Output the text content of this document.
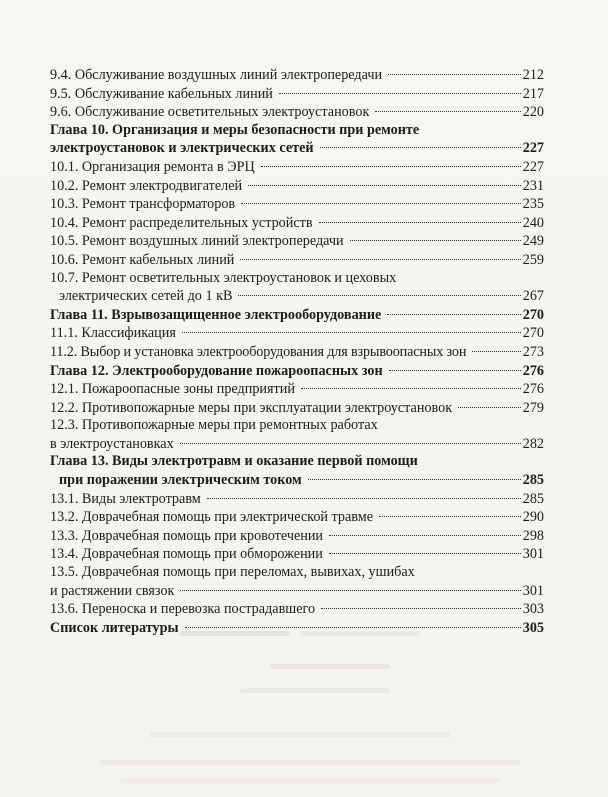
9.4. Обслуживание воздушных линий электропередачи	212
9.5. Обслуживание кабельных линий	217
9.6. Обслуживание осветительных электроустановок	220
Глава 10. Организация и меры безопасности при ремонте
электроустановок и электрических сетей	227
10.1. Организация ремонта в ЭРЦ	227
10.2. Ремонт электродвигателей	231
10.3. Ремонт трансформаторов	235
10.4. Ремонт распределительных устройств	240
10.5. Ремонт воздушных линий электропередачи	249
10.6. Ремонт кабельных линий	259
10.7. Ремонт осветительных электроустановок и цеховых
электрических сетей до 1 кВ	267
Глава 11. Взрывозащищенное электрооборудование	270
11.1. Классификация	270
11.2. Выбор и установка электрооборудования для взрывоопасных зон	273
Глава 12. Электрооборудование пожароопасных зон	276
12.1. Пожароопасные зоны предприятий	276
12.2. Противопожарные меры при эксплуатации электроустановок	279
12.3. Противопожарные меры при ремонтных работах
в электроустановках	282
Глава 13. Виды электротравм и оказание первой помощи
при поражении электрическим током	285
13.1. Виды электротравм	285
13.2. Доврачебная помощь при электрической травме	290
13.3. Доврачебная помощь при кровотечении	298
13.4. Доврачебная помощь при обморожении	301
13.5. Доврачебная помощь при переломах, вывихах, ушибах
и растяжении связок	301
13.6. Переноска и перевозка пострадавшего	303
Список литературы	305
